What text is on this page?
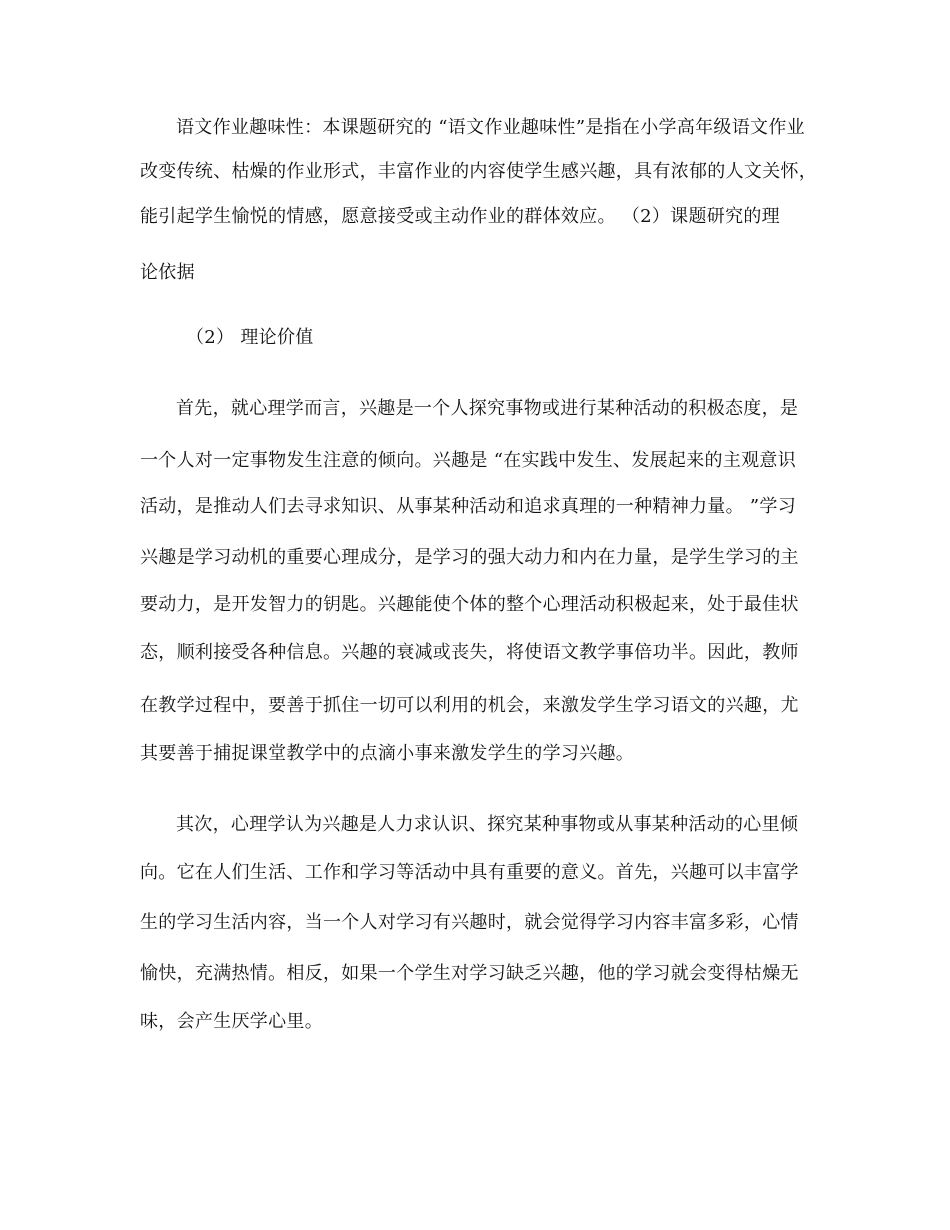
语文作业趣味性：本课题研究的 “语文作业趣味性”是指在小学高年级语文作业
改变传统、枯燥的作业形式，丰富作业的内容使学生感兴趣，具有浓郁的人文关怀，
能引起学生愉悦的情感，愿意接受或主动作业的群体效应。 （2）课题研究的理
论依据
（2） 理论价值
首先，就心理学而言，兴趣是一个人探究事物或进行某种活动的积极态度，是
一个人对一定事物发生注意的倾向。兴趣是 “在实践中发生、发展起来的主观意识
活动，是推动人们去寻求知识、从事某种活动和追求真理的一种精神力量。 ”学习
兴趣是学习动机的重要心理成分，是学习的强大动力和内在力量，是学生学习的主
要动力，是开发智力的钥匙。兴趣能使个体的整个心理活动积极起来，处于最佳状
态，顺利接受各种信息。兴趣的衰减或丧失，将使语文教学事倍功半。因此，教师
在教学过程中，要善于抓住一切可以利用的机会，来激发学生学习语文的兴趣，尤
其要善于捕捉课堂教学中的点滴小事来激发学生的学习兴趣。
其次，心理学认为兴趣是人力求认识、探究某种事物或从事某种活动的心里倾
向。它在人们生活、工作和学习等活动中具有重要的意义。首先，兴趣可以丰富学
生的学习生活内容，当一个人对学习有兴趣时，就会觉得学习内容丰富多彩，心情
愉快，充满热情。相反，如果一个学生对学习缺乏兴趣，他的学习就会变得枯燥无
味，会产生厌学心里。
